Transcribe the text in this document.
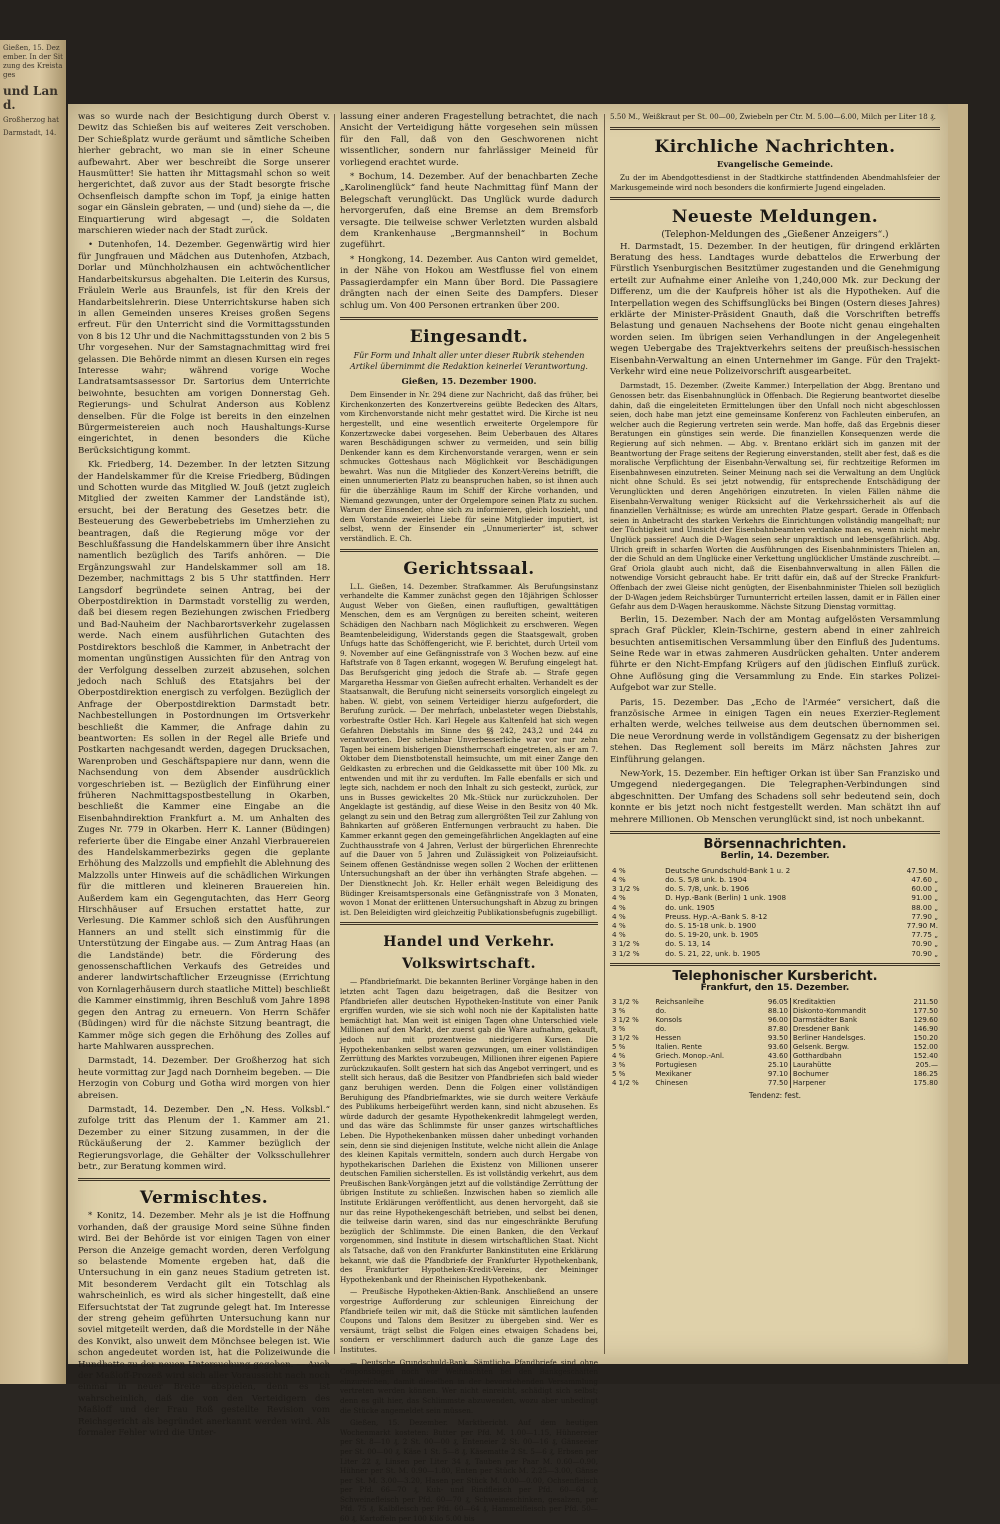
Gießen, 15. Dezember. In der Sitzung des Kreistages

und Land.

Großherzog hat

Darmstadt, 14.

was so wurde nach der Besichtigung durch Oberst v. Dewitz das Schießen bis auf weiteres Zeit verschoben. Der Schießplatz wurde geräumt und sämtliche Scheiben hierher gebracht, wo man sie in einer Scheune aufbewahrt. Aber wer beschreibt die Sorge unserer Hausmütter! Sie hatten ihr Mittagsmahl schon so weit hergerichtet, daß zuvor aus der Stadt besorgte frische Ochsenfleisch dampfte schon im Topf, ja einige hatten sogar ein Gänslein gebraten, — und (und) siehe da —, die Einquartierung wird abgesagt —, die Soldaten marschieren wieder nach der Stadt zurück.

• Dutenhofen, 14. Dezember. Gegenwärtig wird hier für Jungfrauen und Mädchen aus Dutenhofen, Atzbach, Dorlar und Münchholzhausen ein achtwöchentlicher Handarbeitskursus abgehalten. Die Leiterin des Kursus, Fräulein Werle aus Braunfels, ist für den Kreis der Handarbeitslehrerin. Diese Unterrichtskurse haben sich in allen Gemeinden unseres Kreises großen Segens erfreut. Für den Unterricht sind die Vormittagsstunden von 8 bis 12 Uhr und die Nachmittagsstunden von 2 bis 5 Uhr vorgesehen. Nur der Samstagnachmittag wird frei gelassen. Die Behörde nimmt an diesen Kursen ein reges Interesse wahr; während vorige Woche Landratsamtsassessor Dr. Sartorius dem Unterrichte beiwohnte, besuchten am vorigen Donnerstag Geh. Regierungs- und Schulrat Anderson aus Koblenz denselben. Für die Folge ist bereits in den einzelnen Bürgermeistereien auch noch Haushaltungs-Kurse eingerichtet, in denen besonders die Küche Berücksichtigung kommt.

Kk. Friedberg, 14. Dezember. In der letzten Sitzung der Handelskammer für die Kreise Friedberg, Büdingen und Schotten wurde das Mitglied W. Jouß (jetzt zugleich Mitglied der zweiten Kammer der Landstände ist), ersucht, bei der Beratung des Gesetzes betr. die Besteuerung des Gewerbebetriebs im Umherziehen zu beantragen, daß die Regierung möge vor der Beschlußfassung die Handelskammern über ihre Ansicht namentlich bezüglich des Tarifs anhören. — Die Ergänzungswahl zur Handelskammer soll am 18. Dezember, nachmittags 2 bis 5 Uhr stattfinden. Herr Langsdorf begründete seinen Antrag, bei der Oberpostdirektion in Darmstadt vorstellig zu werden, daß bei diesem regen Beziehungen zwischen Friedberg und Bad-Nauheim der Nachbarortsverkehr zugelassen werde. Nach einem ausführlichen Gutachten des Postdirektors beschloß die Kammer, in Anbetracht der momentan ungünstigen Aussichten für den Antrag von der Verfolgung desselben zurzeit abzusehen, solchen jedoch nach Schluß des Etatsjahrs bei der Oberpostdirektion energisch zu verfolgen. Bezüglich der Anfrage der Oberpostdirektion Darmstadt betr. Nachbestellungen in Postordnungen im Ortsverkehr beschließt die Kammer, die Anfrage dahin zu beantworten: Es sollen in der Regel alle Briefe und Postkarten nachgesandt werden, dagegen Drucksachen, Warenproben und Geschäftspapiere nur dann, wenn die Nachsendung von dem Absender ausdrücklich vorgeschrieben ist. — Bezüglich der Einführung einer früheren Nachmittagspostbestellung in Okarben, beschließt die Kammer eine Eingabe an die Eisenbahndirektion Frankfurt a. M. um Anhalten des Zuges Nr. 779 in Okarben. Herr K. Lanner (Büdingen) referierte über die Eingabe einer Anzahl Vierbrauereien des Handelskammerbezirks gegen die geplante Erhöhung des Malzzolls und empfiehlt die Ablehnung des Malzzolls unter Hinweis auf die schädlichen Wirkungen für die mittleren und kleineren Brauereien hin. Außerdem kam ein Gegengutachten, das Herr Georg Hirschhäuser auf Ersuchen erstattet hatte, zur Verlesung. Die Kammer schloß sich den Ausführungen Hanners an und stellt sich einstimmig für die Unterstützung der Eingabe aus. — Zum Antrag Haas (an die Landstände) betr. die Förderung des genossenschaftlichen Verkaufs des Getreides und anderer landwirtschaftlicher Erzeugnisse (Errichtung von Kornlagerhäusern durch staatliche Mittel) beschließt die Kammer einstimmig, ihren Beschluß vom Jahre 1898 gegen den Antrag zu erneuern. Von Herrn Schäfer (Büdingen) wird für die nächste Sitzung beantragt, die Kammer möge sich gegen die Erhöhung des Zolles auf harte Mahlwaren aussprechen.

Darmstadt, 14. Dezember. Der Großherzog hat sich heute vormittag zur Jagd nach Dornheim begeben. — Die Herzogin von Coburg und Gotha wird morgen von hier abreisen.

Darmstadt, 14. Dezember. Den „N. Hess. Volksbl.“ zufolge tritt das Plenum der 1. Kammer am 21. Dezember zu einer Sitzung zusammen, in der die Rückäußerung der 2. Kammer bezüglich der Regierungsvorlage, die Gehälter der Volksschullehrer betr., zur Beratung kommen wird.

Vermischtes.

* Konitz, 14. Dezember. Mehr als je ist die Hoffnung vorhanden, daß der grausige Mord seine Sühne finden wird. Bei der Behörde ist vor einigen Tagen von einer Person die Anzeige gemacht worden, deren Verfolgung so belastende Momente ergeben hat, daß die Untersuchung in ein ganz neues Stadium getreten ist. Mit besonderem Verdacht gilt ein Totschlag als wahrscheinlich, es wird als sicher hingestellt, daß eine Eifersuchtstat der Tat zugrunde gelegt hat. Im Interesse der streng geheim geführten Untersuchung kann nur soviel mitgeteilt werden, daß die Mordstelle in der Nähe des Konvikt, also unweit dem Mönchsee belegen ist. Wie schon angedeutet worden ist, hat die Polizeiwunde die Hundhatte zu der neuen Untersuchung gegeben. — Auch der Maßloff-Prozeß wird sich aller Voraussicht nach noch einmal in neuer Breite abspielen, denn es ist wahrscheinlich, daß die von den Verteidigern des Maßloff und der Frau Roß gestellte Revision vom Reichsgericht als begründet anerkannt werden wird. Als formaler Fehler wird die Unter-

lassung einer anderen Fragestellung betrachtet, die nach Ansicht der Verteidigung hätte vorgesehen sein müssen für den Fall, daß von den Geschworenen nicht wissentlicher, sondern nur fahrlässiger Meineid für vorliegend erachtet wurde.

* Bochum, 14. Dezember. Auf der benachbarten Zeche „Karolinenglück“ fand heute Nachmittag fünf Mann der Belegschaft verunglückt. Das Unglück wurde dadurch hervorgerufen, daß eine Bremse an dem Bremsforb versagte. Die teilweise schwer Verletzten wurden alsbald dem Krankenhause „Bergmannsheil“ in Bochum zugeführt.

* Hongkong, 14. Dezember. Aus Canton wird gemeldet, in der Nähe von Hokou am Westflusse fiel von einem Passagierdampfer ein Mann über Bord. Die Passagiere drängten nach der einen Seite des Dampfers. Dieser schlug um. Von 400 Personen ertranken über 200.

Eingesandt.
Für Form und Inhalt aller unter dieser Rubrik stehenden Artikel übernimmt die Redaktion keinerlei Verantwortung.
Gießen, 15. Dezember 1900.

Dem Einsender in Nr. 294 diene zur Nachricht, daß das früher, bei Kirchenkonzerten des Konzertvereins geübte Bedecken des Altars, vom Kirchenvorstande nicht mehr gestattet wird. Die Kirche ist neu hergestellt, und eine wesentlich erweiterte Orgelempore für Konzertzwecke dabei vorgesehen. Beim Ueberbauen des Altares waren Beschädigungen schwer zu vermeiden, und sein billig Denkender kann es dem Kirchenvorstande verargen, wenn er sein schmuckes Gotteshaus nach Möglichkeit vor Beschädigungen bewahrt. Was nun die Mitglieder des Konzert-Vereins betrifft, die einen unnumerierten Platz zu beanspruchen haben, so ist ihnen auch für die überzählige Raum im Schiff der Kirche vorhanden, und Niemand gezwungen, unter der Orgelempore seinen Platz zu suchen. Warum der Einsender, ohne sich zu informieren, gleich loszieht, und dem Vorstande zweierlei Liebe für seine Mitglieder imputiert, ist selbst, wenn der Einsender ein „Unnumerierter“ ist, schwer verständlich. E. Ch.

Gerichtssaal.

L.L. Gießen, 14. Dezember. Strafkammer. Als Berufungsinstanz verhandelte die Kammer zunächst gegen den 18jährigen Schlosser August Weber von Gießen, einen raufluftigen, gewalttätigen Menschen, dem es am Vergnügen zu bereiten scheint, weiteren Schädigen den Nachbarn nach Möglichkeit zu erschweren. Wegen Beamtenbeleidigung, Widerstands gegen die Staatsgewalt, groben Unfugs hatte das Schöffengericht, wie F. berichtet, durch Urteil vom 9. November auf eine Gefängnisstrafe von 3 Wochen bezw. auf eine Haftstrafe von 8 Tagen erkannt, wogegen W. Berufung eingelegt hat. Das Berufsgericht ging jedoch die Strafe ab. — Strafe gegen Margaretha Hessmar von Gießen aufrecht erhalten. Verhandelt es der Staatsanwalt, die Berufung nicht seinerseits vorsorglich eingelegt zu haben. W. giebt, von seinem Verteidiger hierzu aufgefordert, die Berufung zurück. — Der mehrfach, unbelasteter wegen Diebstahls, vorbestrafte Ostler Hch. Karl Hegele aus Kaltenfeld hat sich wegen Gefahren Diebstahls im Sinne des §§ 242, 243,2 und 244 zu verantworten. Der scheinbar Unverbesserliche war vor nur zehn Tagen bei einem bisherigen Dienstherrschaft eingetreten, als er am 7. Oktober dem Dienstbotenstall heimsuchte, um mit einer Zange den Geldkasten zu erbrechen und die Geldkassette mit über 100 Mk. zu entwenden und mit ihr zu verduften. Im Falle ebenfalls er sich und legte sich, nachdem er noch den Inhalt zu sich gesteckt, zurück, zur uns in Busses gewickeltes 20 Mk.-Stück nur zurückzuholen. Der Angeklagte ist geständig, auf diese Weise in den Besitz von 40 Mk. gelangt zu sein und den Betrag zum allergrößten Teil zur Zahlung von Bahnkarten auf größeren Entfernungen verbraucht zu haben. Die Kammer erkannt gegen den gemeingefährlichen Angeklagten auf eine Zuchthausstrafe von 4 Jahren, Verlust der bürgerlichen Ehrenrechte auf die Dauer von 5 Jahren und Zulässigkeit von Polizeiaufsicht. Seinem offenen Geständnisse wegen sollen 2 Wochen der erlittenen Untersuchungshaft an der über ihn verhängten Strafe abgehen. — Der Dienstknecht Joh. Kr. Heller erhält wegen Beleidigung des Büdinger Kreisamtspersonals eine Gefängnisstrafe von 3 Monaten, wovon 1 Monat der erlittenen Untersuchungshaft in Abzug zu bringen ist. Den Beleidigten wird gleichzeitig Publikationsbefugnis zugebilligt.

Handel und Verkehr. Volkswirtschaft.

— Pfandbriefmarkt. Die bekannten Berliner Vorgänge haben in den letzten acht Tagen dazu beigetragen, daß die Besitzer von Pfandbriefen aller deutschen Hypotheken-Institute von einer Panik ergriffen wurden, wie sie sich wohl noch nie der Kapitalisten hatte bemächtigt hat. Man weit ist einigen Tagen ohne Unterschied viele Millionen auf den Markt, der zuerst gab die Ware aufnahm, gekauft, jedoch nur mit prozentweise niedrigeren Kursen. Die Hypothekenbanken selbst waren gezwungen, um einer vollständigen Zerrüttung des Marktes vorzubeugen, Millionen ihrer eigenen Papiere zurückzukaufen. Sollt gestern hat sich das Angebot verringert, und es stellt sich heraus, daß die Besitzer von Pfandbriefen sich bald wieder ganz beruhigen werden. Denn die Folgen einer vollständigen Beruhigung des Pfandbriefmarktes, wie sie durch weitere Verkäufe des Publikums herbeigeführt werden kann, sind nicht abzusehen. Es würde dadurch der gesamte Hypothekenkredit lahmgelegt werden, und das wäre das Schlimmste für unser ganzes wirtschaftliches Leben. Die Hypothekenbanken müssen daher unbedingt vorhanden sein, denn sie sind diejenigen Institute, welche nicht allein die Anlage des kleinen Kapitals vermitteln, sondern auch durch Hergabe von hypothekarischen Darlehen die Existenz von Millionen unserer deutschen Familien sicherstellen. Es ist vollständig verkehrt, aus dem Preußischen Bank-Vorgängen jetzt auf die vollständige Zerrüttung der übrigen Institute zu schließen. Inzwischen haben so ziemlich alle Institute Erklärungen veröffentlicht, aus denen hervorgeht, daß sie nur das reine Hypothekengeschäft betrieben, und selbst bei denen, die teilweise darin waren, sind das nur eingeschränkte Berufung bezüglich der Schlimmste. Die einen Banken, die den Verkauf vorgenommen, sind Institute in diesem wirtschaftlichen Staat. Nicht als Tatsache, daß von den Frankfurter Bankinstituten eine Erklärung bekannt, wie daß die Pfandbriefe der Frankfurter Hypothekenbank, des Frankfurter Hypotheken-Kredit-Vereins, der Meininger Hypothekenbank und der Rheinischen Hypothekenbank.

— Preußische Hypotheken-Aktien-Bank. Anschließend an unsere vorgestrige Aufforderung zur schleunigen Einreichung der Pfandbriefe teilen wir mit, daß die Stücke mit sämtlichen laufenden Coupons und Talons dem Besitzer zu übergeben sind. Wer es versäumt, trägt selbst die Folgen eines etwaigen Schadens bei, sondern er verschlimmert dadurch auch die ganze Lage des Institutes.

— Deutsche Grundschuld-Bank. Sämtliche Pfandbriefe sind ohne Couponsbogen noch vor Weihnachten bei den Bankgeschäften einzureichen, damit dieselben in der bevorstehenden Versammlung vertreten werden können. Wer nicht einreicht, schädigt sich selbst; denn es gilt hier, das Schlimmste abzuwenden, wozu aber unbedingt die Stücke angemeldet sein müssen.

Gießen, 15. Dezember. Marktbericht. Auf dem heutigen Wochenmarkt kosteten: Butter per Pfd. M. 1.00—1.15, Hühnereier per St. 8—10 ₰, 2 St. 00—00 ₰, Enteneier 2 St. 00—16 ₰, Gänseeier per St. 00—00 ₰, Käse 1 St. 5—8 ₰, Käsematte 2 St. 5—6 ₰, Erbsen per Liter 22 ₰, Linsen per Liter 34 ₰, Tauben per Paar M. 0.60—0.90, Hühner per St. M. 0.90—1.80, Enten per Stück M. 2.25—3.00, Gänse per St. M. 3.00—3.20, Hasen per Stück M. 0.00—0.00, Ochsenfleisch per Pfd. 66—70 ₰, Kuh- und Rindfleisch per Pfd. 60—64 ₰, Schweinefleisch per Pfd. 60—70 ₰, Schweineschinken, gesalzen, per Pfd. 75 ₰, Kalbfleisch per Pfd. 60—64 ₰, Hammelfleisch per Pfd. 50—60 ₰, Kartoffeln per 100 Kilo 5.00 bis

5.50 M., Weißkraut per St. 00—00, Zwiebeln per Ctr. M. 5.00—6.00, Milch per Liter 18 ₰.

Kirchliche Nachrichten.
Evangelische Gemeinde.

Zu der im Abendgottesdienst in der Stadtkirche stattfindenden Abendmahlsfeier der Markusgemeinde wird noch besonders die konfirmierte Jugend eingeladen.

Neueste Meldungen.
(Telephon-Meldungen des „Gießener Anzeigers“.)

H. Darmstadt, 15. Dezember. In der heutigen, für dringend erklärten Beratung des hess. Landtages wurde debattelos die Erwerbung der Fürstlich Ysenburgischen Besitztümer zugestanden und die Genehmigung erteilt zur Aufnahme einer Anleihe von 1,240,000 Mk. zur Deckung der Differenz, um die der Kaufpreis höher ist als die Hypotheken. Auf die Interpellation wegen des Schiffsunglücks bei Bingen (Ostern dieses Jahres) erklärte der Minister-Präsident Gnauth, daß die Vorschriften betreffs Belastung und genauen Nachsehens der Boote nicht genau eingehalten worden seien. Im übrigen seien Verhandlungen in der Angelegenheit wegen Uebergabe des Trajektverkehrs seitens der preußisch-hessischen Eisenbahn-Verwaltung an einen Unternehmer im Gange. Für den Trajekt-Verkehr wird eine neue Polizeivorschrift ausgearbeitet.

Darmstadt, 15. Dezember. (Zweite Kammer.) Interpellation der Abgg. Brentano und Genossen betr. das Eisenbahnunglück in Offenbach. Die Regierung beantwortet dieselbe dahin, daß die eingeleiteten Ermittelungen über den Unfall noch nicht abgeschlossen seien, doch habe man jetzt eine gemeinsame Konferenz von Fachleuten einberufen, an welcher auch die Regierung vertreten sein werde. Man hoffe, daß das Ergebnis dieser Beratungen ein günstiges sein werde. Die finanziellen Konsequenzen werde die Regierung auf sich nehmen. — Abg. v. Brentano erklärt sich im ganzen mit der Beantwortung der Frage seitens der Regierung einverstanden, stellt aber fest, daß es die moralische Verpflichtung der Eisenbahn-Verwaltung sei, für rechtzeitige Reformen im Eisenbahnwesen einzutreten. Seiner Meinung nach sei die Verwaltung an dem Unglück nicht ohne Schuld. Es sei jetzt notwendig, für entsprechende Entschädigung der Verunglückten und deren Angehörigen einzutreten. In vielen Fällen nähme die Eisenbahn-Verwaltung weniger Rücksicht auf die Verkehrssicherheit als auf die finanziellen Verhältnisse; es würde am unrechten Platze gespart. Gerade in Offenbach seien in Anbetracht des starken Verkehrs die Einrichtungen vollständig mangelhaft; nur der Tüchtigkeit und Umsicht der Eisenbahnbeamten verdanke man es, wenn nicht mehr Unglück passiere! Auch die D-Wagen seien sehr unpraktisch und lebensgefährlich. Abg. Ulrich greift in scharfen Worten die Ausführungen des Eisenbahnministers Thielen an, der die Schuld an dem Unglücke einer Verkettung unglücklicher Umstände zuschreibt. — Graf Oriola glaubt auch nicht, daß die Eisenbahnverwaltung in allen Fällen die notwendige Vorsicht gebraucht habe. Er tritt dafür ein, daß auf der Strecke Frankfurt-Offenbach der zwei Gleise nicht genügten, der Eisenbahnminister Thielen soll bezüglich der D-Wagen jedem Reichsbürger Turnunterricht erteilen lassen, damit er in Fällen einer Gefahr aus dem D-Wagen herauskomme. Nächste Sitzung Dienstag vormittag.

Berlin, 15. Dezember. Nach der am Montag aufgelösten Versammlung sprach Graf Pückler, Klein-Tschirne, gestern abend in einer zahlreich besuchten antisemitischen Versammlung über den Einfluß des Judentums. Seine Rede war in etwas zahmeren Ausdrücken gehalten. Unter anderem führte er den Nicht-Empfang Krügers auf den jüdischen Einfluß zurück. Ohne Auflösung ging die Versammlung zu Ende. Ein starkes Polizei-Aufgebot war zur Stelle.

Paris, 15. Dezember. Das „Echo de l'Armée“ versichert, daß die französische Armee in einigen Tagen ein neues Exerzier-Reglement erhalten werde, welches teilweise aus dem deutschen übernommen sei. Die neue Verordnung werde in vollständigem Gegensatz zu der bisherigen stehen. Das Reglement soll bereits im März nächsten Jahres zur Einführung gelangen.

New-York, 15. Dezember. Ein heftiger Orkan ist über San Franzisko und Umgegend niedergegangen. Die Telegraphen-Verbindungen sind abgeschnitten. Der Umfang des Schadens soll sehr bedeutend sein, doch konnte er bis jetzt noch nicht festgestellt werden. Man schätzt ihn auf mehrere Millionen. Ob Menschen verunglückt sind, ist noch unbekannt.

Börsennachrichten.
Berlin, 14. Dezember.
4 %	Deutsche Grundschuld-Bank 1 u. 2	47.50 M.
4 %	do. S. 5/8 unk. b. 1904	47.60 „
3 1/2 %	do. S. 7/8, unk. b. 1906	60.00 „
4 %	D. Hyp.-Bank (Berlin) 1 unk. 1908	91.00 „
4 %	do. unk. 1905	88.00 „
4 %	Preuss. Hyp.-A.-Bank S. 8-12	77.90 „
4 %	do. S. 15-18 unk. b. 1900	77.90 M.
4 %	do. S. 19-20, unk. b. 1905	77.75 „
3 1/2 %	do. S. 13, 14	70.90 „
3 1/2 %	do. S. 21, 22, unk. b. 1905	70.90 „
Telephonischer Kursbericht.
Frankfurt, den 15. Dezember.
3 1/2 %	Reichsanleihe	96.05	Kreditaktien	211.50
3 %	do.	88.10	Diskonto-Kommandit	177.50
3 1/2 %	Konsols	96.00	Darmstädter Bank	129.60
3 %	do.	87.80	Dresdener Bank	146.90
3 1/2 %	Hessen	93.50	Berliner Handelsges.	150.20
5 %	Italien. Rente	93.60	Gelsenk. Bergw.	152.00
4 %	Griech. Monop.-Anl.	43.60	Gotthardbahn	152.40
3 %	Portugiesen	25.10	Laurahütte	205.—
5 %	Mexikaner	97.10	Bochumer	186.25
4 1/2 %	Chinesen	77.50	Harpener	175.80
Tendenz: fest.
